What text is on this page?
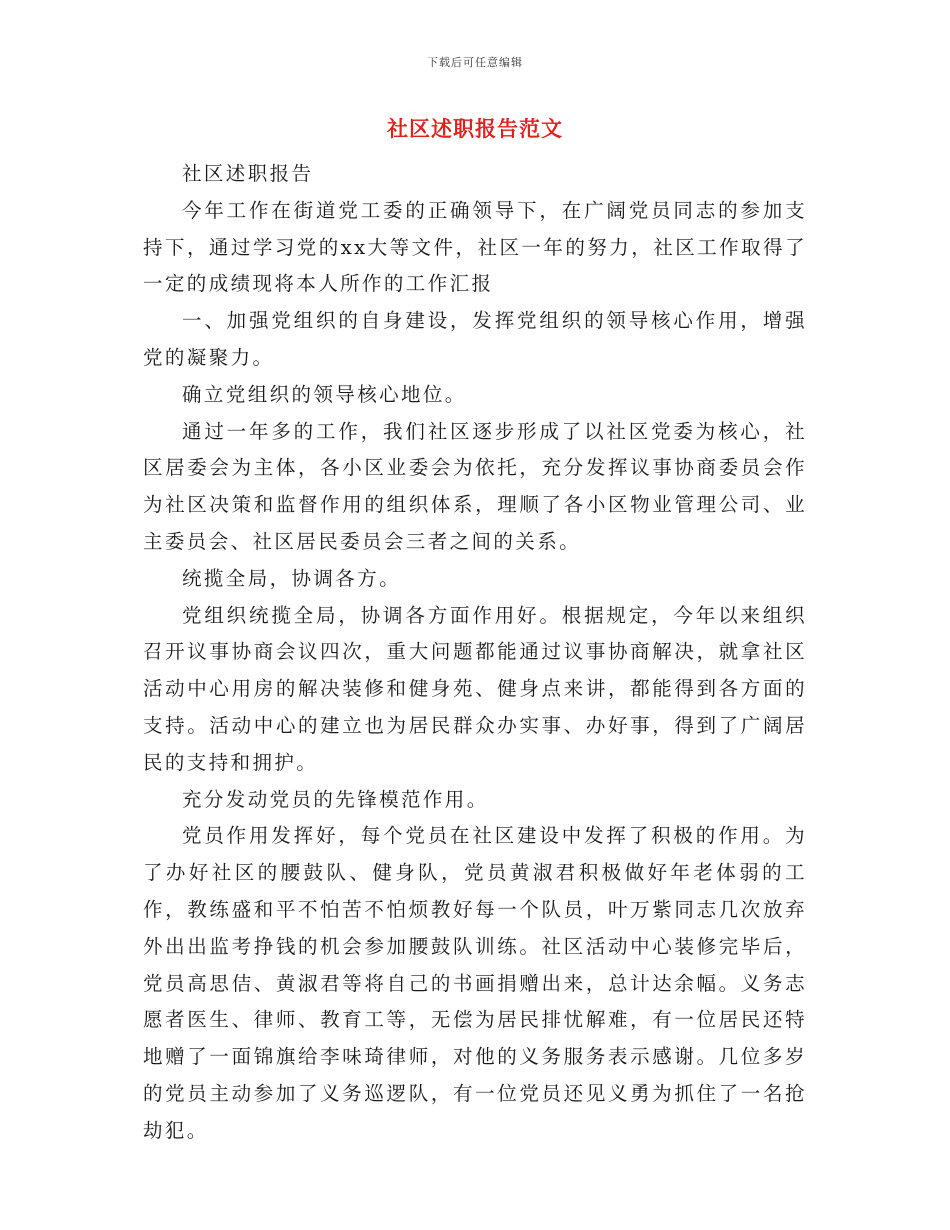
下载后可任意编辑
社区述职报告范文

社区述职报告

今年工作在街道党工委的正确领导下，在广阔党员同志的参加支持下，通过学习党的xx大等文件，社区一年的努力，社区工作取得了一定的成绩现将本人所作的工作汇报

一、加强党组织的自身建设，发挥党组织的领导核心作用，增强党的凝聚力。

确立党组织的领导核心地位。

通过一年多的工作，我们社区逐步形成了以社区党委为核心，社区居委会为主体，各小区业委会为依托，充分发挥议事协商委员会作为社区决策和监督作用的组织体系，理顺了各小区物业管理公司、业主委员会、社区居民委员会三者之间的关系。

统揽全局，协调各方。

党组织统揽全局，协调各方面作用好。根据规定，今年以来组织召开议事协商会议四次，重大问题都能通过议事协商解决，就拿社区活动中心用房的解决装修和健身苑、健身点来讲，都能得到各方面的支持。活动中心的建立也为居民群众办实事、办好事，得到了广阔居民的支持和拥护。

充分发动党员的先锋模范作用。

党员作用发挥好，每个党员在社区建设中发挥了积极的作用。为了办好社区的腰鼓队、健身队，党员黄淑君积极做好年老体弱的工作，教练盛和平不怕苦不怕烦教好每一个队员，叶万紫同志几次放弃外出出监考挣钱的机会参加腰鼓队训练。社区活动中心装修完毕后，党员高思佶、黄淑君等将自己的书画捐赠出来，总计达余幅。义务志愿者医生、律师、教育工等，无偿为居民排忧解难，有一位居民还特地赠了一面锦旗给李味琦律师，对他的义务服务表示感谢。几位多岁的党员主动参加了义务巡逻队，有一位党员还见义勇为抓住了一名抢劫犯。
